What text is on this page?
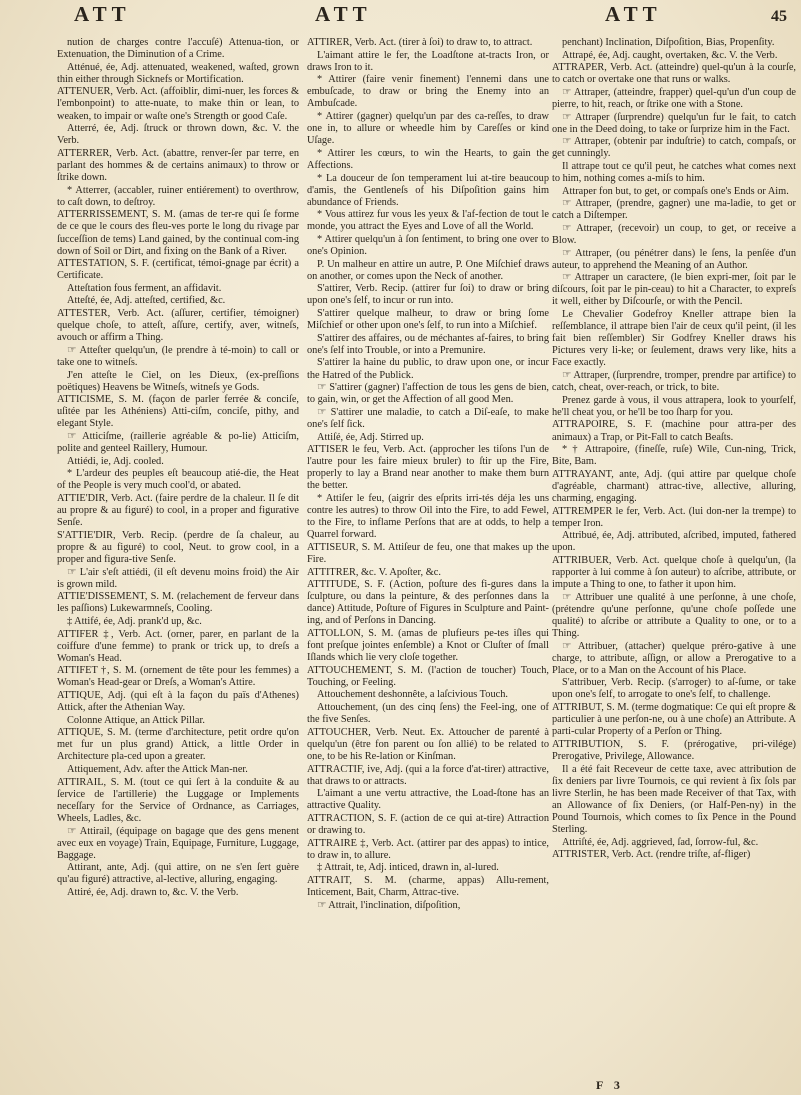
ATT	ATT	ATT	45

nution de charges contre l'accuſé) Attenua-tion, or Extenuation, the Diminution of a Crime.

Atténué, ée, Adj. attenuated, weakened, waſted, grown thin either through Sicknefs or Mortification.

ATTENUER, Verb. Act. (affoiblir, dimi-nuer, les forces & l'embonpoint) to atte-nuate, to make thin or lean, to weaken, to impair or waſte one's Strength or good Caſe.

Atterré, ée, Adj. ſtruck or thrown down, &c. V. the Verb.

ATTERRER, Verb. Act. (abattre, renver-ſer par terre, en parlant des hommes & de certains animaux) to throw or ſtrike down.

* Atterrer, (accabler, ruiner entiérement) to overthrow, to caſt down, to deſtroy.

ATTERRISSEMENT, S. M. (amas de ter-re qui ſe forme de ce que le cours des fleu-ves porte le long du rivage par ſucceſſion de tems) Land gained, by the continual com-ing down of Soil or Dirt, and fixing on the Bank of a River.

ATTESTATION, S. F. (certificat, témoi-gnage par écrit) a Certificate.

Atteſtation fous ferment, an affidavit.

Atteſté, ée, Adj. atteſted, certified, &c.

ATTESTER, Verb. Act. (aſſurer, certifier, témoigner) quelque choſe, to atteſt, aſſure, certify, aver, witneſs, avouch or affirm a Thing.

☞ Atteſter quelqu'un, (le prendre à té-moin) to call or take one to witneſs.

J'en atteſte le Ciel, on les Dieux, (ex-preſſions poëtiques) Heavens be Witneſs, witneſs ye Gods.

ATTICISME, S. M. (façon de parler ferrée & conciſe, uſitée par les Athéniens) Atti-ciſm, conciſe, pithy, and elegant Style.

☞ Atticiſme, (raillerie agréable & po-lie) Atticiſm, polite and genteel Raillery, Humour.

Attiédi, ie, Adj. cooled.

* L'ardeur des peuples eſt beaucoup atié-die, the Heat of the People is very much cool'd, or abated.

ATTIE'DIR, Verb. Act. (faire perdre de la chaleur. Il ſe dit au propre & au figuré) to cool, in a proper and figurative Senſe.

S'ATTIE'DIR, Verb. Recip. (perdre de ſa chaleur, au propre & au figuré) to cool, Neut. to grow cool, in a proper and figura-tive Senſe.

☞ L'air s'eſt attiédi, (il eſt devenu moins froid) the Air is grown mild.

ATTIE'DISSEMENT, S. M. (relachement de ferveur dans les paſſions) Lukewarmneſs, Cooling.

‡ Attifé, ée, Adj. prank'd up, &c.

ATTIFER ‡, Verb. Act. (orner, parer, en parlant de la coiffure d'une femme) to prank or trick up, to dreſs a Woman's Head.

ATTIFET †, S. M. (ornement de tête pour les femmes) a Woman's Head-gear or Dreſs, a Woman's Attire.

ATTIQUE, Adj. (qui eſt à la façon du païs d'Athenes) Attick, after the Athenian Way.

Colonne Attique, an Attick Pillar.

ATTIQUE, S. M. (terme d'architecture, petit ordre qu'on met fur un plus grand) Attick, a little Order in Architecture pla-ced upon a greater.

Attiquement, Adv. after the Attick Man-ner.

ATTIRAIL, S. M. (tout ce qui ſert à la conduite & au ſervice de l'artillerie) the Luggage or Implements neceſſary for the Service of Ordnance, as Carriages, Wheels, Ladles, &c.

☞ Attirail, (équipage on bagage que des gens menent avec eux en voyage) Train, Equipage, Furniture, Luggage, Baggage.

Attirant, ante, Adj. (qui attire, on ne s'en ſert guère qu'au figuré) attractive, al-lective, alluring, engaging.

Attiré, ée, Adj. drawn to, &c. V. the Verb.

ATTIRER, Verb. Act. (tirer à ſoi) to draw to, to attract.

L'aimant attire le fer, the Loadſtone at-tracts Iron, or draws Iron to it.

* Attirer (faire venir finement) l'ennemi dans une embuſcade, to draw or bring the Enemy into an Ambuſcade.

* Attirer (gagner) quelqu'un par des ca-reſſes, to draw one in, to allure or wheedle him by Careſſes or kind Uſage.

* Attirer les cœurs, to win the Hearts, to gain the Affections.

* La douceur de ſon temperament lui at-tire beaucoup d'amis, the Gentleneſs of his Diſpoſition gains him abundance of Friends.

* Vous attirez fur vous les yeux & l'af-fection de tout le monde, you attract the Eyes and Love of all the World.

* Attirer quelqu'un à ſon ſentiment, to bring one over to one's Opinion.

P. Un malheur en attire un autre, P. One Miſchief draws on another, or comes upon the Neck of another.

S'attirer, Verb. Recip. (attirer fur ſoi) to draw or bring upon one's ſelf, to incur or run into.

S'attirer quelque malheur, to draw or bring ſome Miſchief or other upon one's ſelf, to run into a Miſchief.

S'attirer des affaires, ou de méchantes af-faires, to bring one's ſelf into Trouble, or into a Premunire.

S'attirer la haine du public, to draw upon one, or incur the Hatred of the Publick.

☞ S'attirer (gagner) l'affection de tous les gens de bien, to gain, win, or get the Affection of all good Men.

☞ S'attirer une maladie, to catch a Diſ-eaſe, to make one's ſelf ſick.

Attiſé, ée, Adj. Stirred up.

ATTISER le feu, Verb. Act. (approcher les tiſons l'un de l'autre pour les faire mieux bruler) to ſtir up the Fire, properly to lay a Brand near another to make them burn the better.

* Attiſer le feu, (aigrir des eſprits irri-tés déja les uns contre les autres) to throw Oil into the Fire, to add Fewel, to the Fire, to inflame Perſons that are at odds, to help a Quarrel forward.

ATTISEUR, S. M. Attiſeur de feu, one that makes up the Fire.

ATTITRER, &c. V. Apoſter, &c.

ATTITUDE, S. F. (Action, poſture des fi-gures dans la ſculpture, ou dans la peinture, & des perſonnes dans la dance) Attitude, Poſture of Figures in Sculpture and Paint-ing, and of Perſons in Dancing.

ATTOLLON, S. M. (amas de plufieurs pe-tes iſles qui font preſque jointes enſemble) a Knot or Cluſter of ſmall Iſlands which lie very cloſe together.

ATTOUCHEMENT, S. M. (l'action de toucher) Touch, Touching, or Feeling.

Attouchement deshonnête, a laſcivious Touch.

Attouchement, (un des cinq ſens) the Feel-ing, one of the five Senſes.

ATTOUCHER, Verb. Neut. Ex. Attoucher de parenté à quelqu'un (être fon parent ou ſon allié) to be related to one, to be his Re-lation or Kinſman.

ATTRACTIF, ive, Adj. (qui a la force d'at-tirer) attractive, that draws to or attracts.

L'aimant a une vertu attractive, the Load-ſtone has an attractive Quality.

ATTRACTION, S. F. (action de ce qui at-tire) Attraction or drawing to.

ATTRAIRE ‡, Verb. Act. (attirer par des appas) to intice, to draw in, to allure.

‡ Attrait, te, Adj. inticed, drawn in, al-lured.

ATTRAIT, S. M. (charme, appas) Allu-rement, Inticement, Bait, Charm, Attrac-tive.

☞ Attrait, l'inclination, diſpoſition,

penchant) Inclination, Diſpoſition, Bias, Propenſity.

Attrapé, ée, Adj. caught, overtaken, &c. V. the Verb.

ATTRAPER, Verb. Act. (atteindre) quel-qu'un à la courſe, to catch or overtake one that runs or walks.

☞ Attraper, (atteindre, frapper) quel-qu'un d'un coup de pierre, to hit, reach, or ſtrike one with a Stone.

☞ Attraper (ſurprendre) quelqu'un fur le fait, to catch one in the Deed doing, to take or ſurprize him in the Fact.

☞ Attraper, (obtenir par induſtrie) to catch, compaſs, or get cunningly.

Il attrape tout ce qu'il peut, he catches what comes next to him, nothing comes a-miſs to him.

Attraper fon but, to get, or compaſs one's Ends or Aim.

☞ Attraper, (prendre, gagner) une ma-ladie, to get or catch a Diſtemper.

☞ Attraper, (recevoir) un coup, to get, or receive a Blow.

☞ Attraper, (ou pénétrer dans) le ſens, la penſée d'un auteur, to apprehend the Meaning of an Author.

☞ Attraper un caractere, (le bien expri-mer, ſoit par le diſcours, ſoit par le pin-ceau) to hit a Character, to expreſs it well, either by Diſcourſe, or with the Pencil.

Le Chevalier Godefroy Kneller attrape bien la reſſemblance, il attrape bien l'air de ceux qu'il peint, (il les fait bien reſſembler) Sir Godfrey Kneller draws his Pictures very li-ke; or ſeulement, draws very like, hits a Face exactly.

☞ Attraper, (ſurprendre, tromper, prendre par artifice) to catch, cheat, over-reach, or trick, to bite.

Prenez garde à vous, il vous attrapera, look to yourſelf, he'll cheat you, or he'll be too ſharp for you.

ATTRAPOIRE, S. F. (machine pour attra-per des animaux) a Trap, or Pit-Fall to catch Beaſts.

* † Attrapoire, (fineſſe, ruſe) Wile, Cun-ning, Trick, Bite, Bam.

ATTRAYANT, ante, Adj. (qui attire par quelque choſe d'agréable, charmant) attrac-tive, allective, alluring, charming, engaging.

ATTREMPER le fer, Verb. Act. (lui don-ner la trempe) to temper Iron.

Attribué, ée, Adj. attributed, aſcribed, imputed, fathered upon.

ATTRIBUER, Verb. Act. quelque choſe à quelqu'un, (la rapporter à lui comme à ſon auteur) to aſcribe, attribute, or impute a Thing to one, to father it upon him.

☞ Attribuer une qualité à une perſonne, à une choſe, (prétendre qu'une perſonne, qu'une choſe poſſede une qualité) to aſcribe or attribute a Quality to one, or to a Thing.

☞ Attribuer, (attacher) quelque préro-gative à une charge, to attribute, aſſign, or allow a Prerogative to a Place, or to a Man on the Account of his Place.

S'attribuer, Verb. Recip. (s'arroger) to aſ-ſume, or take upon one's ſelf, to arrogate to one's ſelf, to challenge.

ATTRIBUT, S. M. (terme dogmatique: Ce qui eſt propre & particulier à une perſon-ne, ou à une choſe) an Attribute. A parti-cular Property of a Perſon or Thing.

ATTRIBUTION, S. F. (prérogative, pri-vilége) Prerogative, Privilege, Allowance.

Il a été fait Receveur de cette taxe, avec attribution de ſix deniers par livre Tournois, ce qui revient à ſix ſols par livre Sterlin, he has been made Receiver of that Tax, with an Allowance of ſix Deniers, (or Half-Pen-ny) in the Pound Tournois, which comes to ſix Pence in the Pound Sterling.

Attriſté, ée, Adj. aggrieved, ſad, ſorrow-ful, &c.

ATTRISTER, Verb. Act. (rendre triſte, af-fliger)

F 3
